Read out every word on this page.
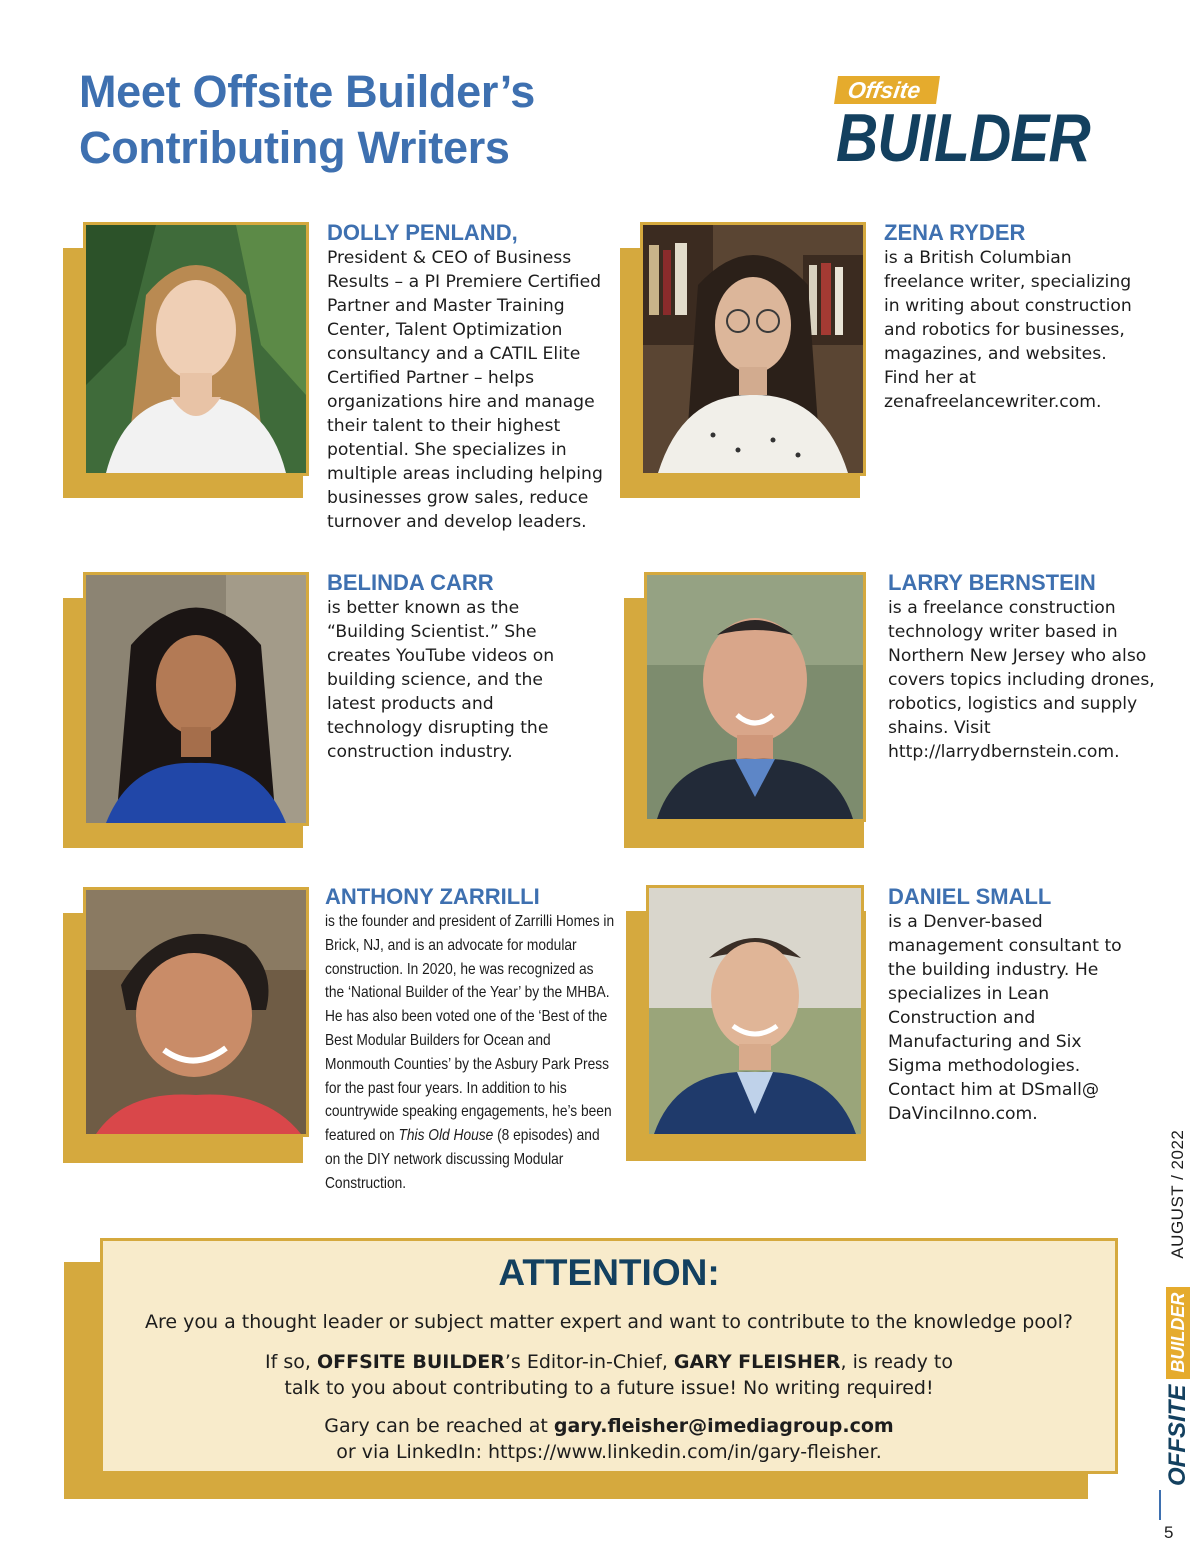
Meet Offsite Builder’s
Contributing Writers
Offsite
BUILDER
DOLLY PENLAND,

President & CEO of Business Results – a PI Premiere Certified Partner and Master Training Center, Talent Optimization consultancy and a CATIL Elite Certified Partner – helps organizations hire and manage their talent to their highest potential. She specializes in multiple areas including helping businesses grow sales, reduce turnover and develop leaders.

ZENA RYDER

is a British Columbian freelance writer, specializing in writing about construction and robotics for businesses, magazines, and websites. Find her at zenafreelancewriter.com.

BELINDA CARR

is better known as the “Building Scientist.” She creates YouTube videos on building science, and the latest products and technology disrupting the construction industry.

LARRY BERNSTEIN

is a freelance construction technology writer based in Northern New Jersey who also covers topics including drones, robotics, logistics and supply shains. Visit http://larrydbernstein.com.

ANTHONY ZARRILLI

is the founder and president of Zarrilli Homes in Brick, NJ, and is an advocate for modular construction. In 2020, he was recognized as the ‘National Builder of the Year’ by the MHBA. He has also been voted one of the ‘Best of the Best Modular Builders for Ocean and Monmouth Counties’ by the Asbury Park Press for the past four years. In addition to his countrywide speaking engagements, he’s been featured on This Old House (8 episodes) and on the DIY network discussing Modular Construction.

DANIEL SMALL

is a Denver-based management consultant to the building industry. He specializes in Lean Construction and Manufacturing and Six Sigma methodologies. Contact him at DSmall@ DaVinciInno.com.

ATTENTION:

Are you a thought leader or subject matter expert and want to contribute to the knowledge pool?

If so, OFFSITE BUILDER’s Editor-in-Chief, GARY FLEISHER, is ready to talk to you about contributing to a future issue! No writing required!

Gary can be reached at gary.fleisher@imediagroup.com or via LinkedIn: https://www.linkedin.com/in/gary-fleisher.	OFFSITEBUILDERAUGUST / 2022
5
